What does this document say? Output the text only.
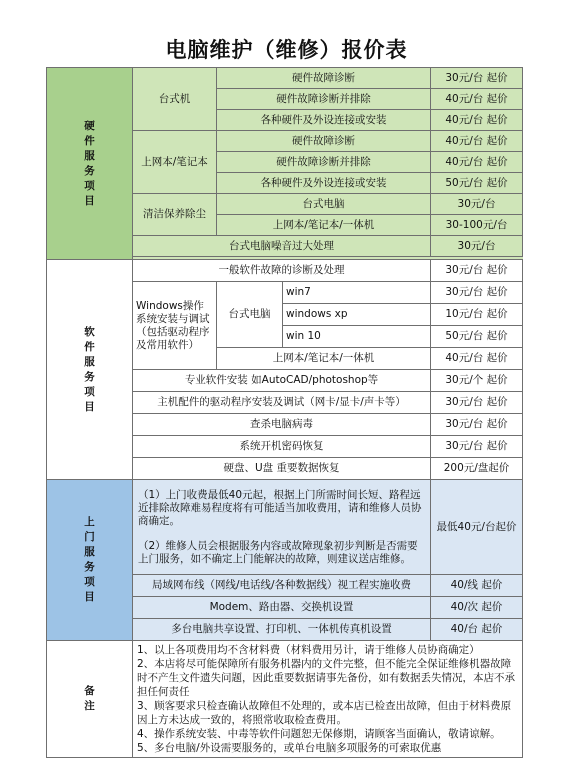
电脑维护（维修）报价表
硬件服务项目	台式机	硬件故障诊断		30元/台 起价
		硬件故障诊断并排除		40元/台 起价
		各种硬件及外设连接或安装		40元/台 起价
	上网本/笔记本	硬件故障诊断		40元/台 起价
		硬件故障诊断并排除		40元/台 起价
		各种硬件及外设连接或安装		50元/台 起价
	清洁保养除尘	台式电脑		30元/台
		上网本/笔记本/一体机		30-100元/台
	台式电脑噪音过大处理			30元/台

软件服务项目	一般软件故障的诊断及处理			30元/台 起价
	Windows操作系统安装与调试（包括驱动程序及常用软件）	台式电脑	win7	30元/台 起价
			windows xp	10元/台 起价
			win 10	50元/台 起价
		上网本/笔记本/一体机		40元/台 起价
	专业软件安装 如AutoCAD/photoshop等			30元/个 起价
	主机配件的驱动程序安装及调试（网卡/显卡/声卡等）			30元/台 起价
	查杀电脑病毒			30元/台 起价
	系统开机密码恢复			30元/台 起价
	硬盘、U盘 重要数据恢复			200元/盘起价
上门服务项目	（1）上门收费最低40元起，根据上门所需时间长短、路程远近排除故障难易程度将有可能适当加收费用，请和维修人员协商确定。
（2）维修人员会根据服务内容或故障现象初步判断是否需要上门服务，如不确定上门能解决的故障，则建议送店维修。			最低40元/台起价
	局域网布线（网线/电话线/各种数据线）视工程实施收费			40/线 起价
	Modem、路由器、交换机设置			40/次 起价
	多台电脑共享设置、打印机、一体机传真机设置			40/台 起价
备注	1、以上各项费用均不含材料费（材料费用另计，请于维修人员协商确定）
2、本店将尽可能保障所有服务机器内的文件完整，但不能完全保证维修机器故障时不产生文件遗失问题，因此重要数据请事先备份，如有数据丢失情况，本店不承担任何责任
3、顾客要求只检查确认故障但不处理的，或本店已检查出故障，但由于材料费原因上方未达成一致的，将照常收取检查费用。
4、操作系统安装、中毒等软件问题恕无保修期，请顾客当面确认，敬请谅解。
5、多台电脑/外设需要服务的，或单台电脑多项服务的可索取优惠			
